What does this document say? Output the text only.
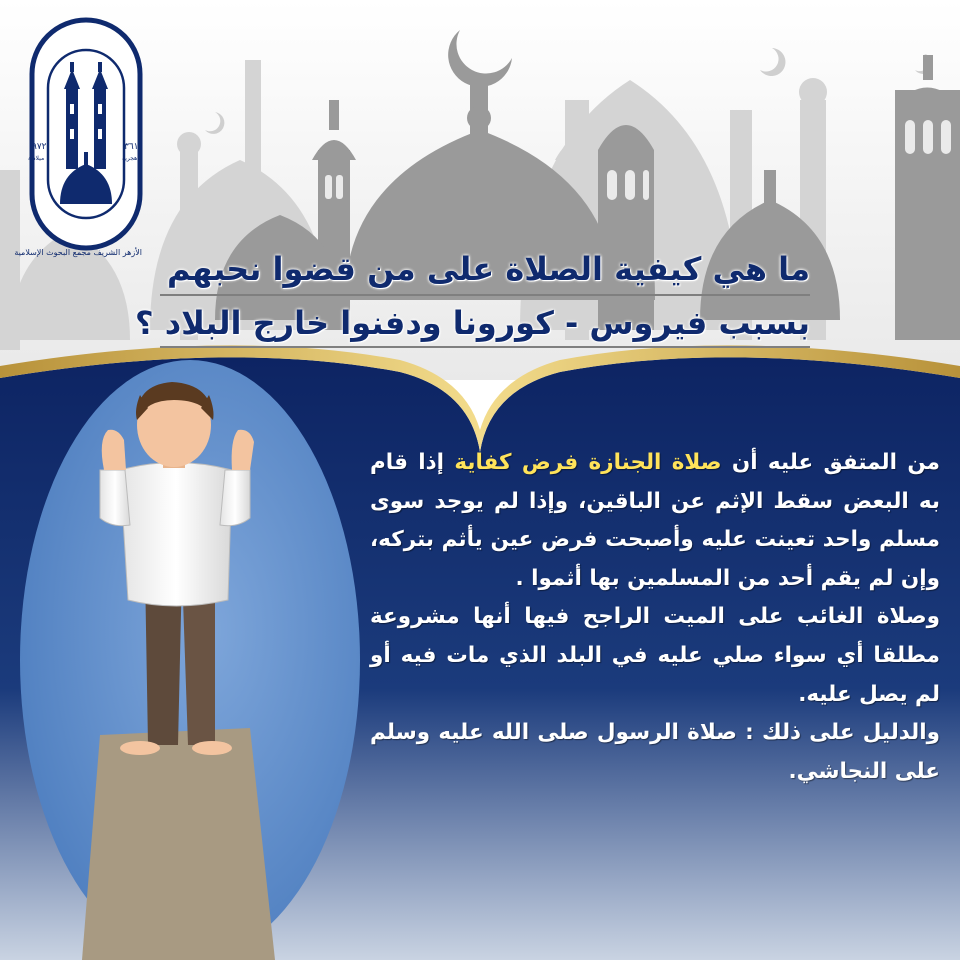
٣٦١
هجرية
٩٧٢
ميلادية
ما هي كيفية الصلاة على من قضوا نحبهم
بسبب فيروس - كورونا ودفنوا خارج البلاد ؟
من المتفق عليه أن صلاة الجنازة فرض كفاية إذا قام به البعض سقط الإثم عن الباقين، وإذا لم يوجد سوى مسلم واحد تعينت عليه وأصبحت فرض عين يأثم بتركه، وإن لم يقم أحد من المسلمين بها أثموا .
وصلاة الغائب على الميت الراجح فيها أنها مشروعة مطلقا أي سواء صلي عليه في البلد الذي مات فيه أو لم يصل عليه.
والدليل على ذلك : صلاة الرسول صلى الله عليه وسلم على النجاشي.
الأزهر الشريف مجمع البحوث الإسلامية
